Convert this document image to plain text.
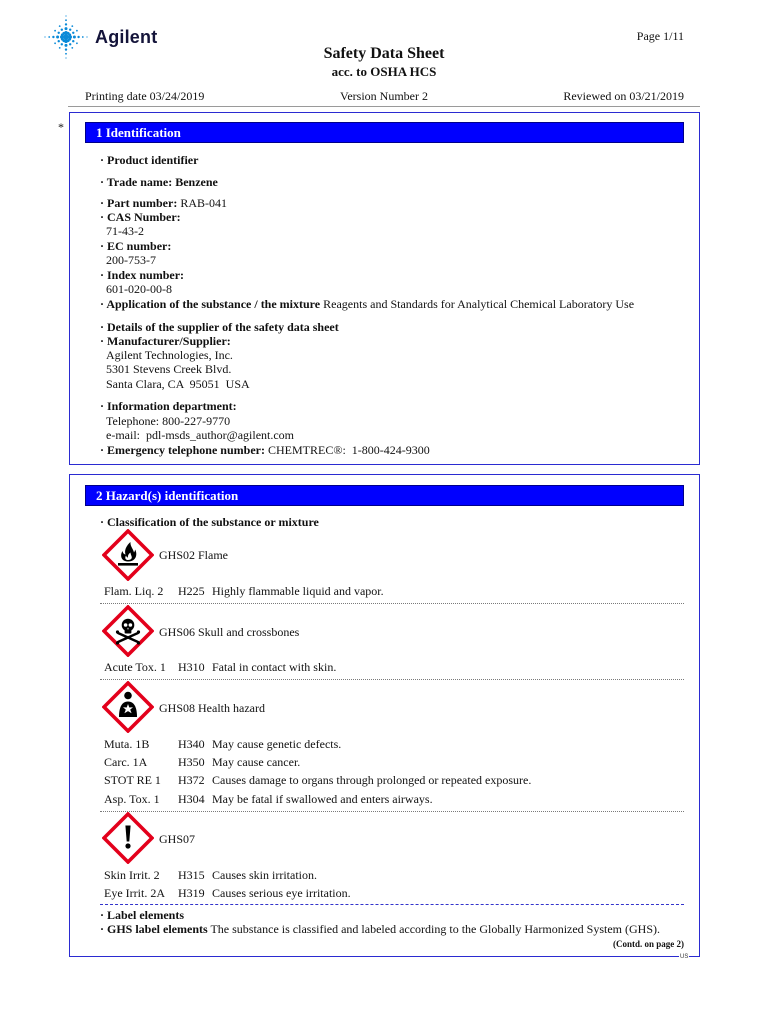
Agilent	Page 1/11
Safety Data Sheet
acc. to OSHA HCS
Printing date 03/24/2019	Version Number 2	Reviewed on 03/21/2019
*	1 Identification
· Product identifier
· Trade name: Benzene
· Part number: RAB-041
· CAS Number:
71-43-2
· EC number:
200-753-7
· Index number:
601-020-00-8
· Application of the substance / the mixture Reagents and Standards for Analytical Chemical Laboratory Use
· Details of the supplier of the safety data sheet
· Manufacturer/Supplier:
Agilent Technologies, Inc.
5301 Stevens Creek Blvd.
Santa Clara, CA  95051  USA
· Information department:
Telephone: 800-227-9770
e-mail:  pdl-msds_author@agilent.com
· Emergency telephone number: CHEMTREC®:  1-800-424-9300
2 Hazard(s) identification
· Classification of the substance or mixture
GHS02 Flame
Flam. Liq. 2 H225 Highly flammable liquid and vapor.
GHS06 Skull and crossbones
Acute Tox. 1 H310 Fatal in contact with skin.
GHS08 Health hazard
Muta. 1B H340 May cause genetic defects.
Carc. 1A	H350 May cause cancer.
STOT RE 1 H372 Causes damage to organs through prolonged or repeated exposure.
Asp. Tox. 1 H304 May be fatal if swallowed and enters airways.
GHS07
Skin Irrit. 2 H315 Causes skin irritation.
Eye Irrit. 2A H319 Causes serious eye irritation.
· Label elements
· GHS label elements The substance is classified and labeled according to the Globally Harmonized System (GHS).
(Contd. on page 2)
US
